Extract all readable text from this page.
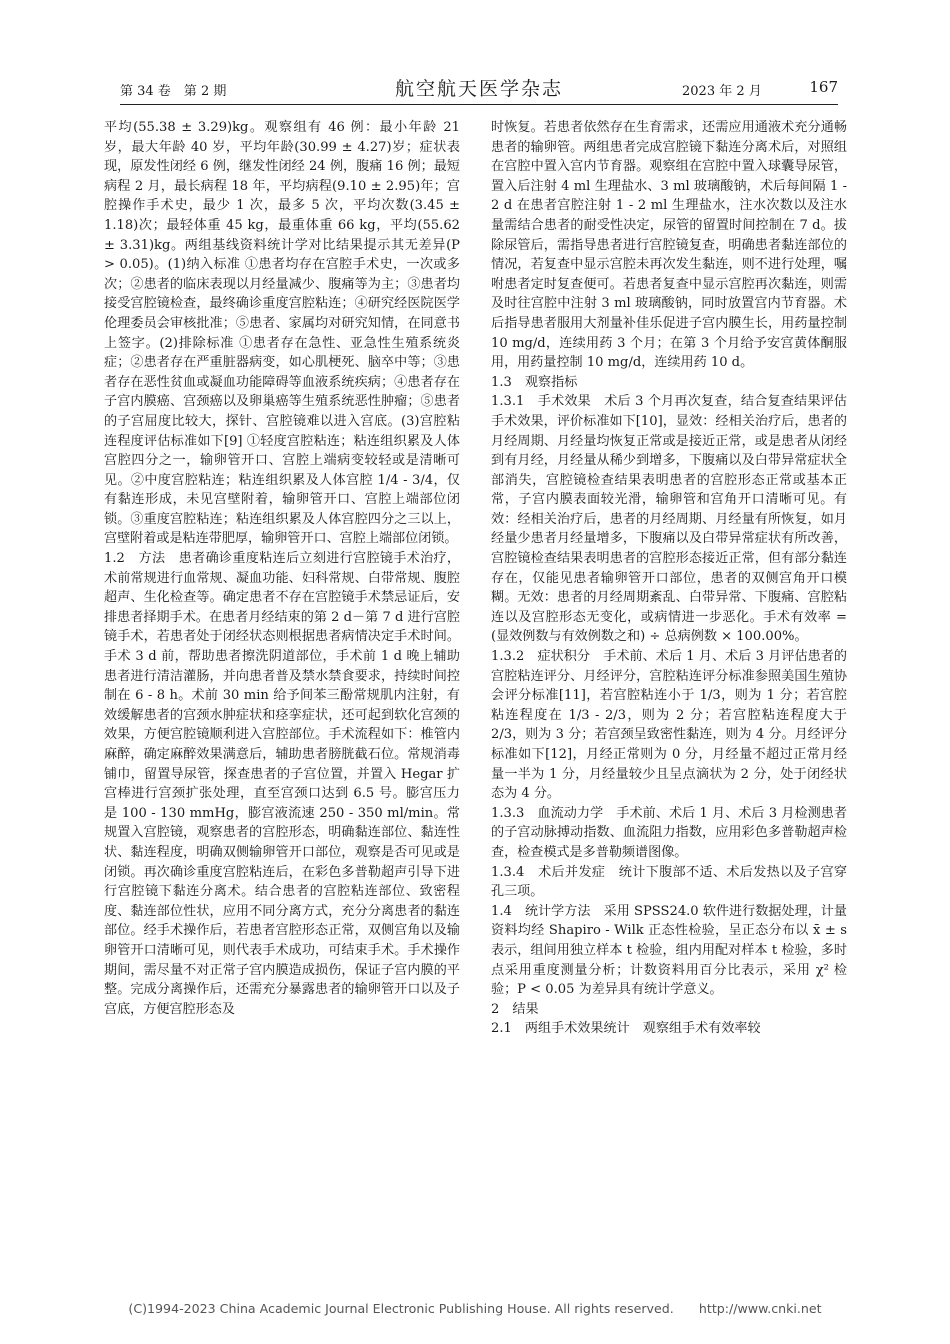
第 34 卷　第 2 期	航空航天医学杂志	2023 年 2 月	167

平均(55.38 ± 3.29)kg。观察组有 46 例：最小年龄 21 岁，最大年龄 40 岁，平均年龄(30.99 ± 4.27)岁；症状表现，原发性闭经 6 例，继发性闭经 24 例，腹痛 16 例；最短病程 2 月，最长病程 18 年，平均病程(9.10 ± 2.95)年；宫腔操作手术史，最少 1 次，最多 5 次，平均次数(3.45 ± 1.18)次；最轻体重 45 kg，最重体重 66 kg，平均(55.62 ± 3.31)kg。两组基线资料统计学对比结果提示其无差异(P > 0.05)。(1)纳入标准 ①患者均存在宫腔手术史，一次或多次；②患者的临床表现以月经量减少、腹痛等为主；③患者均接受宫腔镜检查，最终确诊重度宫腔粘连；④研究经医院医学伦理委员会审核批准；⑤患者、家属均对研究知情，在同意书上签字。(2)排除标准 ①患者存在急性、亚急性生殖系统炎症；②患者存在严重脏器病变，如心肌梗死、脑卒中等；③患者存在恶性贫血或凝血功能障碍等血液系统疾病；④患者存在子宫内膜癌、宫颈癌以及卵巢癌等生殖系统恶性肿瘤；⑤患者的子宫屈度比较大，探针、宫腔镜难以进入宫底。(3)宫腔粘连程度评估标准如下[9] ①轻度宫腔粘连；粘连组织累及人体宫腔四分之一，输卵管开口、宫腔上端病变较轻或是清晰可见。②中度宫腔粘连；粘连组织累及人体宫腔 1/4 - 3/4，仅有黏连形成，未见宫壁附着，输卵管开口、宫腔上端部位闭锁。③重度宫腔粘连；粘连组织累及人体宫腔四分之三以上，宫壁附着或是粘连带肥厚，输卵管开口、宫腔上端部位闭锁。

1.2　方法　患者确诊重度粘连后立刻进行宫腔镜手术治疗，术前常规进行血常规、凝血功能、妇科常规、白带常规、腹腔超声、生化检查等。确定患者不存在宫腔镜手术禁忌证后，安排患者择期手术。在患者月经结束的第 2 d－第 7 d 进行宫腔镜手术，若患者处于闭经状态则根据患者病情决定手术时间。手术 3 d 前，帮助患者擦洗阴道部位，手术前 1 d 晚上辅助患者进行清洁灌肠，并向患者普及禁水禁食要求，持续时间控制在 6 - 8 h。术前 30 min 给予间苯三酚常规肌内注射，有效缓解患者的宫颈水肿症状和痉挛症状，还可起到软化宫颈的效果，方便宫腔镜顺利进入宫腔部位。手术流程如下：椎管内麻醉，确定麻醉效果满意后，辅助患者膀胱截石位。常规消毒铺巾，留置导尿管，探查患者的子宫位置，并置入 Hegar 扩宫棒进行宫颈扩张处理，直至宫颈口达到 6.5 号。膨宫压力是 100 - 130 mmHg，膨宫液流速 250 - 350 ml/min。常规置入宫腔镜，观察患者的宫腔形态，明确黏连部位、黏连性状、黏连程度，明确双侧输卵管开口部位，观察是否可见或是闭锁。再次确诊重度宫腔粘连后，在彩色多普勒超声引导下进行宫腔镜下黏连分离术。结合患者的宫腔粘连部位、致密程度、黏连部位性状，应用不同分离方式，充分分离患者的黏连部位。经手术操作后，若患者宫腔形态正常，双侧宫角以及输卵管开口清晰可见，则代表手术成功，可结束手术。手术操作期间，需尽量不对正常子宫内膜造成损伤，保证子宫内膜的平整。完成分离操作后，还需充分暴露患者的输卵管开口以及子宫底，方便宫腔形态及

时恢复。若患者依然存在生育需求，还需应用通液术充分通畅患者的输卵管。两组患者完成宫腔镜下黏连分离术后，对照组在宫腔中置入宫内节育器。观察组在宫腔中置入球囊导尿管，置入后注射 4 ml 生理盐水、3 ml 玻璃酸钠，术后每间隔 1 - 2 d 在患者宫腔注射 1 - 2 ml 生理盐水，注水次数以及注水量需结合患者的耐受性决定，尿管的留置时间控制在 7 d。拔除尿管后，需指导患者进行宫腔镜复查，明确患者黏连部位的情况，若复查中显示宫腔未再次发生黏连，则不进行处理，嘱咐患者定时复查便可。若患者复查中显示宫腔再次黏连，则需及时往宫腔中注射 3 ml 玻璃酸钠，同时放置宫内节育器。术后指导患者服用大剂量补佳乐促进子宫内膜生长，用药量控制 10 mg/d，连续用药 3 个月；在第 3 个月给予安宫黄体酮服用，用药量控制 10 mg/d，连续用药 10 d。

1.3　观察指标

1.3.1　手术效果　术后 3 个月再次复查，结合复查结果评估手术效果，评价标准如下[10]，显效：经相关治疗后，患者的月经周期、月经量均恢复正常或是接近正常，或是患者从闭经到有月经，月经量从稀少到增多，下腹痛以及白带异常症状全部消失，宫腔镜检查结果表明患者的宫腔形态正常或基本正常，子宫内膜表面较光滑，输卵管和宫角开口清晰可见。有效：经相关治疗后，患者的月经周期、月经量有所恢复，如月经量少患者月经量增多，下腹痛以及白带异常症状有所改善，宫腔镜检查结果表明患者的宫腔形态接近正常，但有部分黏连存在，仅能见患者输卵管开口部位，患者的双侧宫角开口模糊。无效：患者的月经周期紊乱、白带异常、下腹痛、宫腔粘连以及宫腔形态无变化，或病情进一步恶化。手术有效率 = (显效例数与有效例数之和) ÷ 总病例数 × 100.00%。

1.3.2　症状积分　手术前、术后 1 月、术后 3 月评估患者的宫腔粘连评分、月经评分，宫腔粘连评分标准参照美国生殖协会评分标准[11]，若宫腔粘连小于 1/3，则为 1 分；若宫腔粘连程度在 1/3 - 2/3，则为 2 分；若宫腔粘连程度大于 2/3，则为 3 分；若宫颈呈致密性黏连，则为 4 分。月经评分标准如下[12]，月经正常则为 0 分，月经量不超过正常月经量一半为 1 分，月经量较少且呈点滴状为 2 分，处于闭经状态为 4 分。

1.3.3　血流动力学　手术前、术后 1 月、术后 3 月检测患者的子宫动脉搏动指数、血流阻力指数，应用彩色多普勒超声检查，检查模式是多普勒频谱图像。

1.3.4　术后并发症　统计下腹部不适、术后发热以及子宫穿孔三项。

1.4　统计学方法　采用 SPSS24.0 软件进行数据处理，计量资料均经 Shapiro - Wilk 正态性检验，呈正态分布以 x̄ ± s 表示，组间用独立样本 t 检验，组内用配对样本 t 检验，多时点采用重度测量分析；计数资料用百分比表示，采用 χ² 检验；P < 0.05 为差异具有统计学意义。

2　结果

2.1　两组手术效果统计　观察组手术有效率较

(C)1994-2023 China Academic Journal Electronic Publishing House. All rights reserved.　　http://www.cnki.net
